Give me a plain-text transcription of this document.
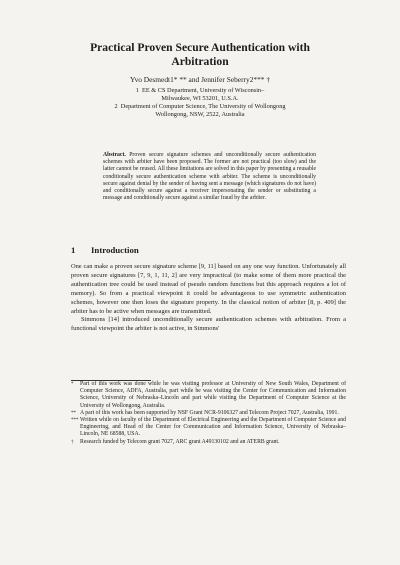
Practical Proven Secure Authentication with
Arbitration
Yvo Desmedt1* ** and Jennifer Seberry2*** †
1  EE & CS Department, University of Wisconsin–
Milwaukee, WI 53201, U.S.A.
2  Department of Computer Science, The University of Wollongong
Wollongong, NSW, 2522, Australia
Abstract. Proven secure signature schemes and unconditionally secure authentication schemes with arbiter have been proposed. The former are not practical (too slow) and the latter cannot be reused. All these limitations are solved in this paper by presenting a reusable conditionally secure authentication scheme with arbiter. The scheme is unconditionally secure against denial by the sender of having sent a message (which signatures do not have) and conditionally secure against a receiver impersonating the sender or substituting a message and conditionally secure against a similar fraud by the arbiter.
1 Introduction

One can make a proven secure signature scheme [9, 11] based on any one way function. Unfortunately all proven secure signatures [7, 9, 1, 11, 2] are very impractical (to make some of them more practical the authentication tree could be used instead of pseudo random functions but this approach requires a lot of memory). So from a practical viewpoint it could be advantageous to use symmetric authentication schemes, however one then loses the signature property. In the classical notion of arbiter [8, p. 409] the arbiter has to be active when messages are transmitted.

Simmons [14] introduced unconditionally secure authentication schemes with arbitration. From a functional viewpoint the arbiter is not active, in Simmons'

* Part of this work was done while he was visiting professor at University of New South Wales, Department of Computer Science, ADFA, Australia, part while he was visiting the Center for Communication and Information Science, University of Nebraska–Lincoln and part while visiting the Department of Computer Science at the University of Wollongong, Australia.
** A part of this work has been supported by NSF Grant NCR-9106327 and Telecom Project 7027, Australia, 1991.
*** Written while on faculty of the Department of Electrical Engineering and the Department of Computer Science and Engineering, and Head of the Center for Communication and Information Science, University of Nebraska–Lincoln, NE 68588, USA.
† Research funded by Telecom grant 7027, ARC grant A49130102 and an ATERB grant.
